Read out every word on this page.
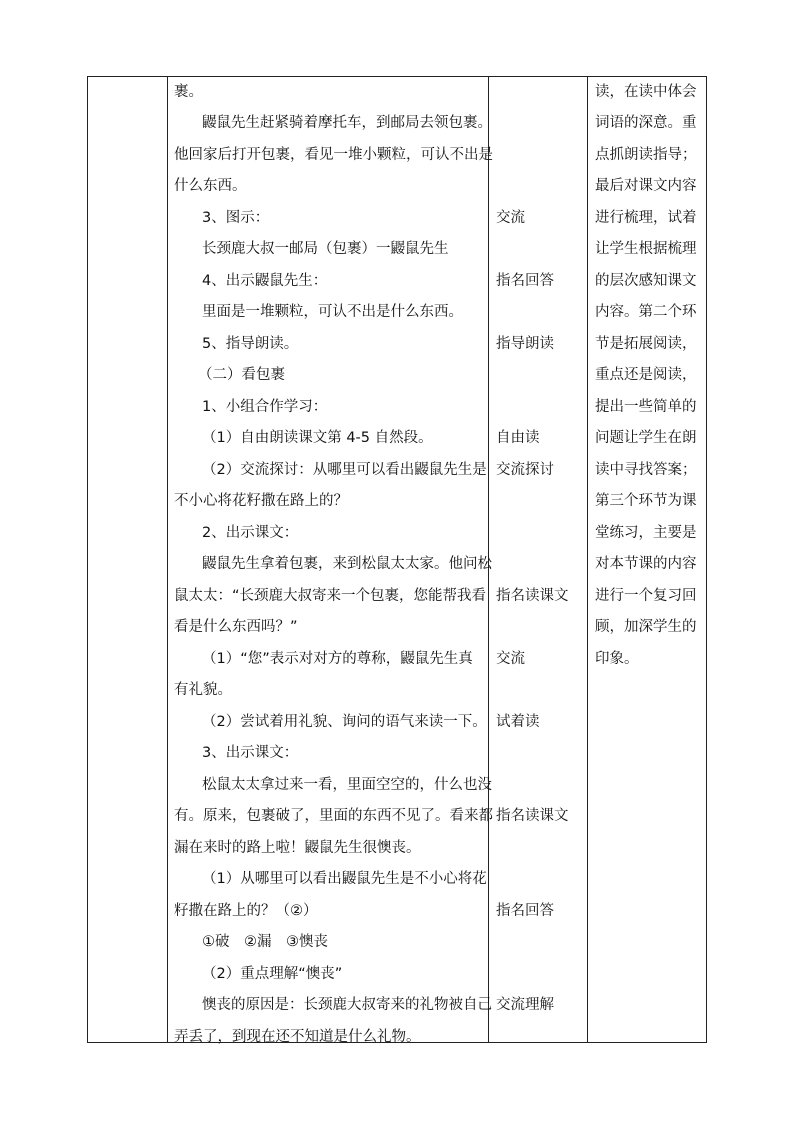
裹。
鼹鼠先生赶紧骑着摩托车，到邮局去领包裹。
他回家后打开包裹，看见一堆小颗粒，可认不出是
什么东西。
3、图示：
长颈鹿大叔一邮局（包裹）一鼹鼠先生
4、出示鼹鼠先生：
里面是一堆颗粒，可认不出是什么东西。
5、指导朗读。
（二）看包裹
1、小组合作学习：
（1）自由朗读课文第 4-5 自然段。
（2）交流探讨：从哪里可以看出鼹鼠先生是
不小心将花籽撒在路上的？
2、出示课文：
鼹鼠先生拿着包裹，来到松鼠太太家。他问松
鼠太太：“长颈鹿大叔寄来一个包裹，您能帮我看
看是什么东西吗？”
（1）“您”表示对对方的尊称，鼹鼠先生真
有礼貌。
（2）尝试着用礼貌、询问的语气来读一下。
3、出示课文：
松鼠太太拿过来一看，里面空空的，什么也没
有。原来，包裹破了，里面的东西不见了。看来都
漏在来时的路上啦！鼹鼠先生很懊丧。
（1）从哪里可以看出鼹鼠先生是不小心将花
籽撒在路上的？（②）
①破　②漏　③懊丧
（2）重点理解“懊丧”
懊丧的原因是：长颈鹿大叔寄来的礼物被自己
弄丢了，到现在还不知道是什么礼物。
交流
指名回答
指导朗读
自由读
交流探讨
指名读课文
交流
试着读
指名读课文
指名回答
交流理解
读，在读中体会
词语的深意。重
点抓朗读指导；
最后对课文内容
进行梳理，试着
让学生根据梳理
的层次感知课文
内容。第二个环
节是拓展阅读，
重点还是阅读，
提出一些简单的
问题让学生在朗
读中寻找答案；
第三个环节为课
堂练习，主要是
对本节课的内容
进行一个复习回
顾，加深学生的
印象。
